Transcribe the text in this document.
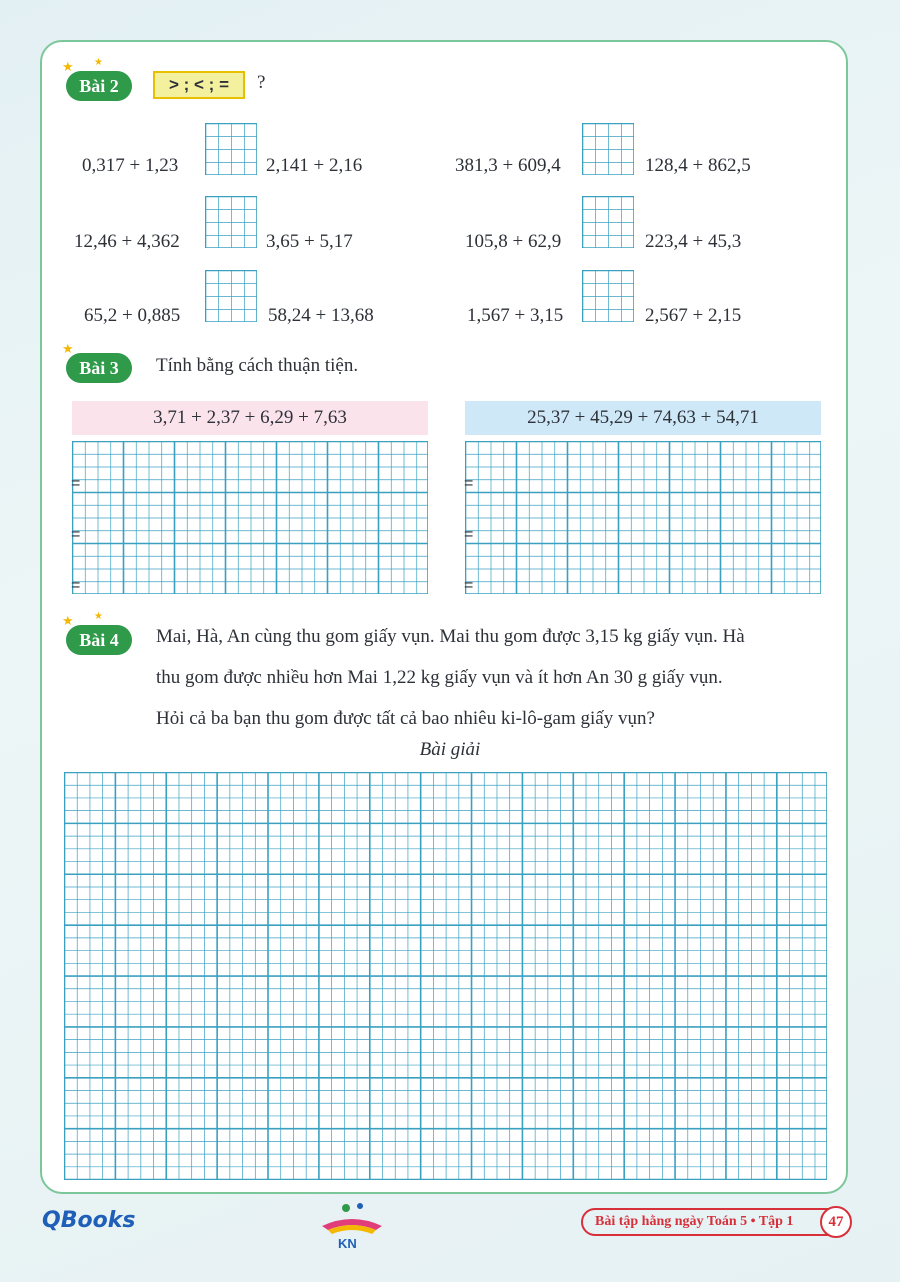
★ ★
Bài 2	> ; < ; =	?
0,317 + 1,23	2,141 + 2,16
12,46 + 4,362	3,65 + 5,17
65,2 + 0,885	58,24 + 13,68
381,3 + 609,4	128,4 + 862,5
105,8 + 62,9	223,4 + 45,3
1,567 + 3,15	2,567 + 2,15
★
Bài 3	Tính bằng cách thuận tiện.
3,71 + 2,37 + 6,29 + 7,63	25,37 + 45,29 + 74,63 + 54,71
=
=
=
=
=
=
★ ★
Bài 4	Mai, Hà, An cùng thu gom giấy vụn. Mai thu gom được 3,15 kg giấy vụn. Hà
thu gom được nhiều hơn Mai 1,22 kg giấy vụn và ít hơn An 30 g giấy vụn.
Hỏi cả ba bạn thu gom được tất cả bao nhiêu ki-lô-gam giấy vụn?
Bài giải
QBooks
KN
Bài tập hằng ngày Toán 5 • Tập 1	47
